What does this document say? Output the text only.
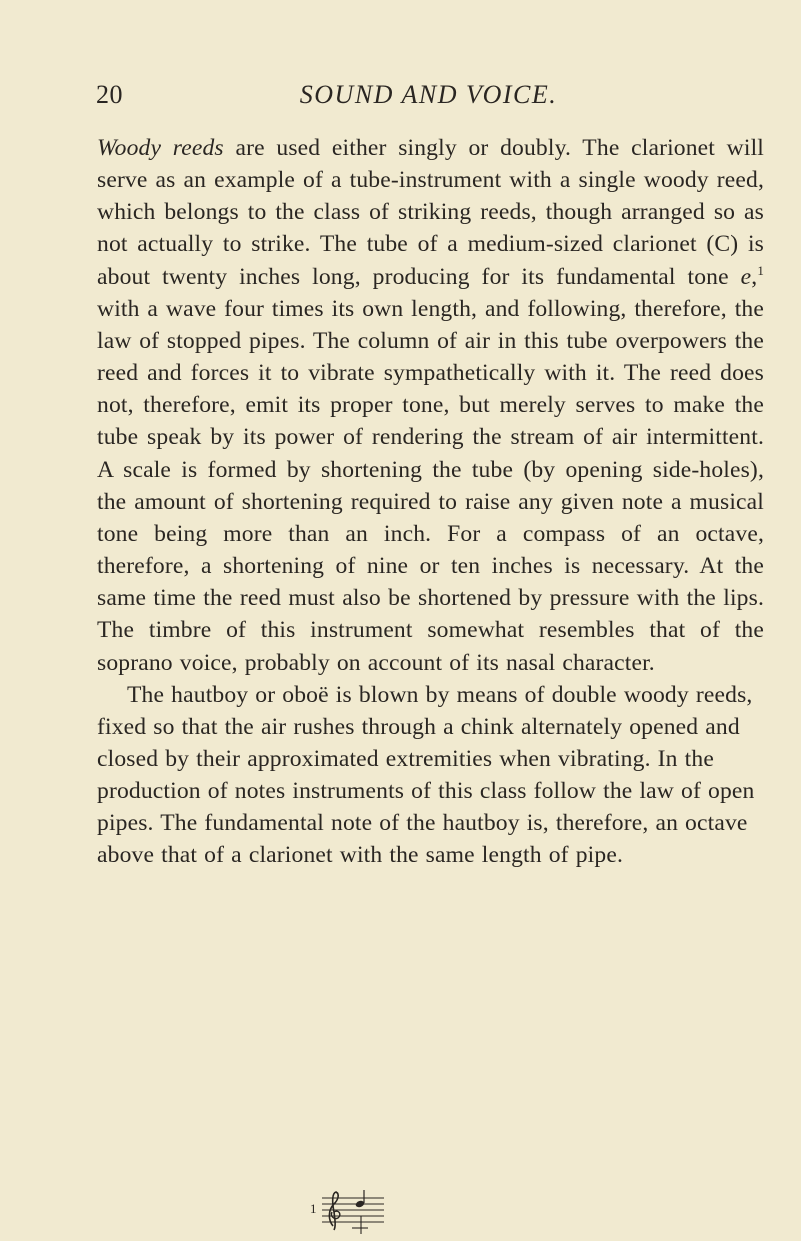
20	SOUND AND VOICE.

Woody reeds are used either singly or doubly. The clarionet will serve as an example of a tube-instrument with a single woody reed, which belongs to the class of striking reeds, though arranged so as not actually to strike. The tube of a medium-sized clarionet (C) is about twenty inches long, producing for its fundamental tone e,$^1$ with a wave four times its own length, and following, therefore, the law of stopped pipes. The column of air in this tube overpowers the reed and forces it to vibrate sympathetically with it. The reed does not, therefore, emit its proper tone, but merely serves to make the tube speak by its power of rendering the stream of air intermittent. A scale is formed by shortening the tube (by opening side-holes), the amount of shortening required to raise any given note a musical tone being more than an inch. For a compass of an octave, therefore, a shortening of nine or ten inches is necessary. At the same time the reed must also be shortened by pressure with the lips. The timbre of this instrument somewhat resembles that of the soprano voice, probably on account of its nasal character.

The hautboy or oboë is blown by means of double woody reeds, fixed so that the air rushes through a chink alternately opened and closed by their approximated extremities when vibrating. In the production of notes instruments of this class follow the law of open pipes. The fundamental note of the hautboy is, therefore, an octave above that of a clarionet with the same length of pipe.

1
